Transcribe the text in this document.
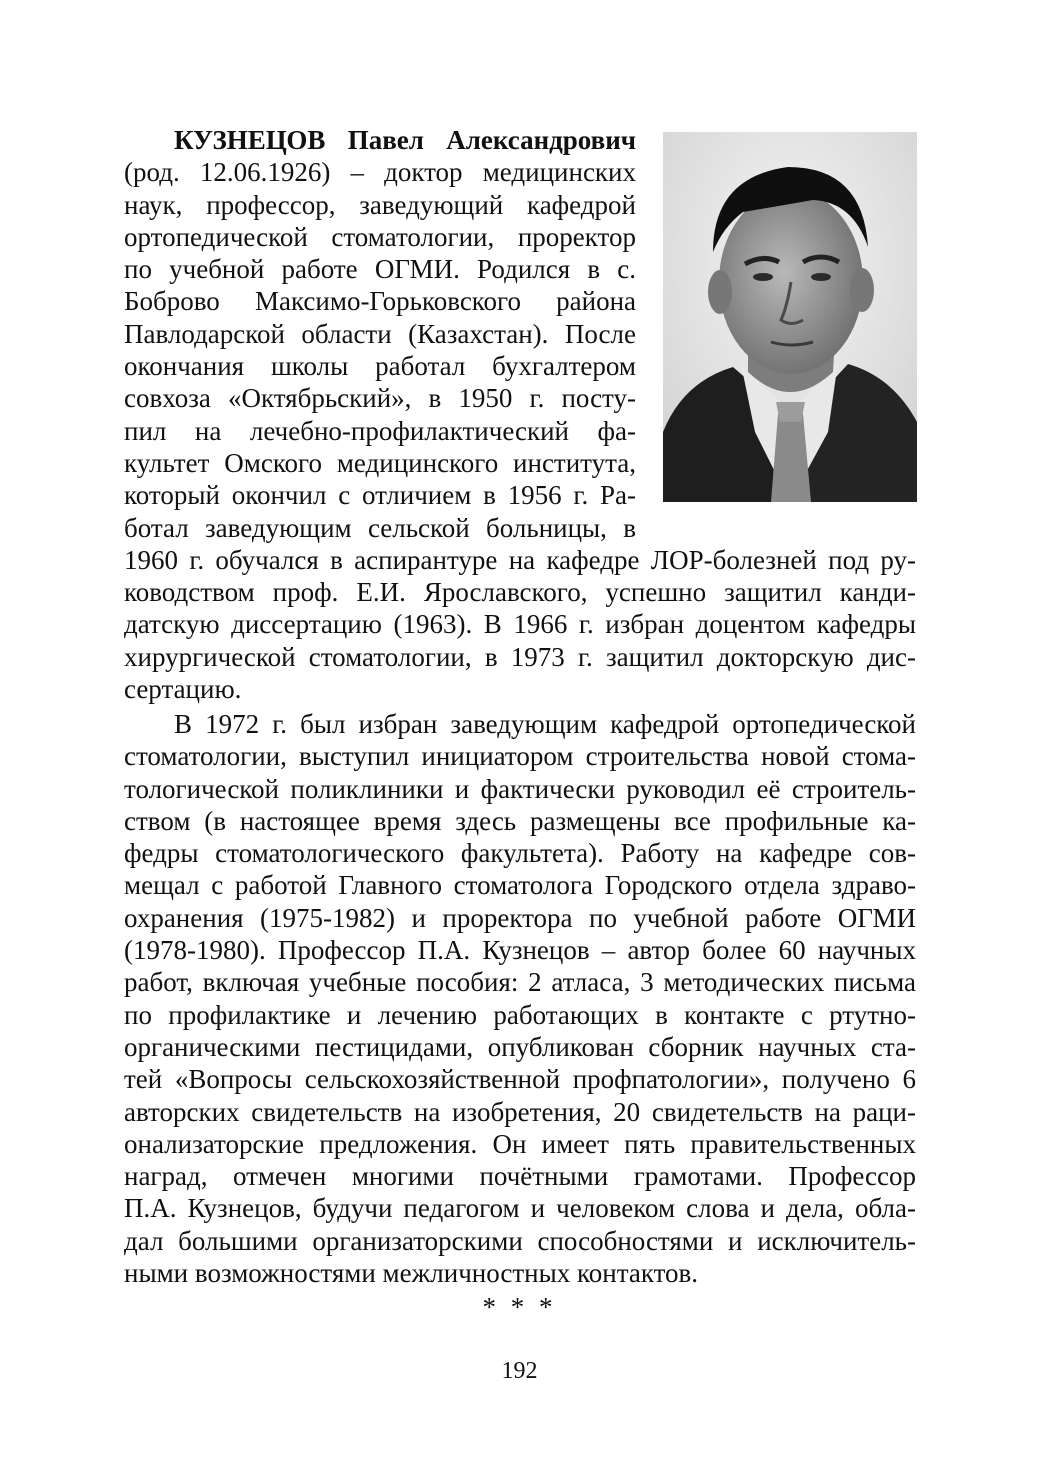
КУЗНЕЦОВ Павел Александрович
(род. 12.06.1926) – доктор медицинских
наук, профессор, заведующий кафедрой
ортопедической стоматологии, проректор
по учебной работе ОГМИ. Родился в с.
Боброво Максимо-Горьковского района
Павлодарской области (Казахстан). После
окончания школы работал бухгалтером
совхоза «Октябрьский», в 1950 г. посту-
пил на лечебно-профилактический фа-
культет Омского медицинского института,
который окончил с отличием в 1956 г. Ра-
ботал заведующим сельской больницы, в
1960 г. обучался в аспирантуре на кафедре ЛОР-болезней под ру-
ководством проф. Е.И. Ярославского, успешно защитил канди-
датскую диссертацию (1963). В 1966 г. избран доцентом кафедры
хирургической стоматологии, в 1973 г. защитил докторскую дис-
сертацию.
В 1972 г. был избран заведующим кафедрой ортопедической
стоматологии, выступил инициатором строительства новой стома-
тологической поликлиники и фактически руководил её строитель-
ством (в настоящее время здесь размещены все профильные ка-
федры стоматологического факультета). Работу на кафедре сов-
мещал с работой Главного стоматолога Городского отдела здраво-
охранения (1975-1982) и проректора по учебной работе ОГМИ
(1978-1980). Профессор П.А. Кузнецов – автор более 60 научных
работ, включая учебные пособия: 2 атласа, 3 методических письма
по профилактике и лечению работающих в контакте с ртутно-
органическими пестицидами, опубликован сборник научных ста-
тей «Вопросы сельскохозяйственной профпатологии», получено 6
авторских свидетельств на изобретения, 20 свидетельств на раци-
онализаторские предложения. Он имеет пять правительственных
наград, отмечен многими почётными грамотами. Профессор
П.А. Кузнецов, будучи педагогом и человеком слова и дела, обла-
дал большими организаторскими способностями и исключитель-
ными возможностями межличностных контактов.
* * *
192
